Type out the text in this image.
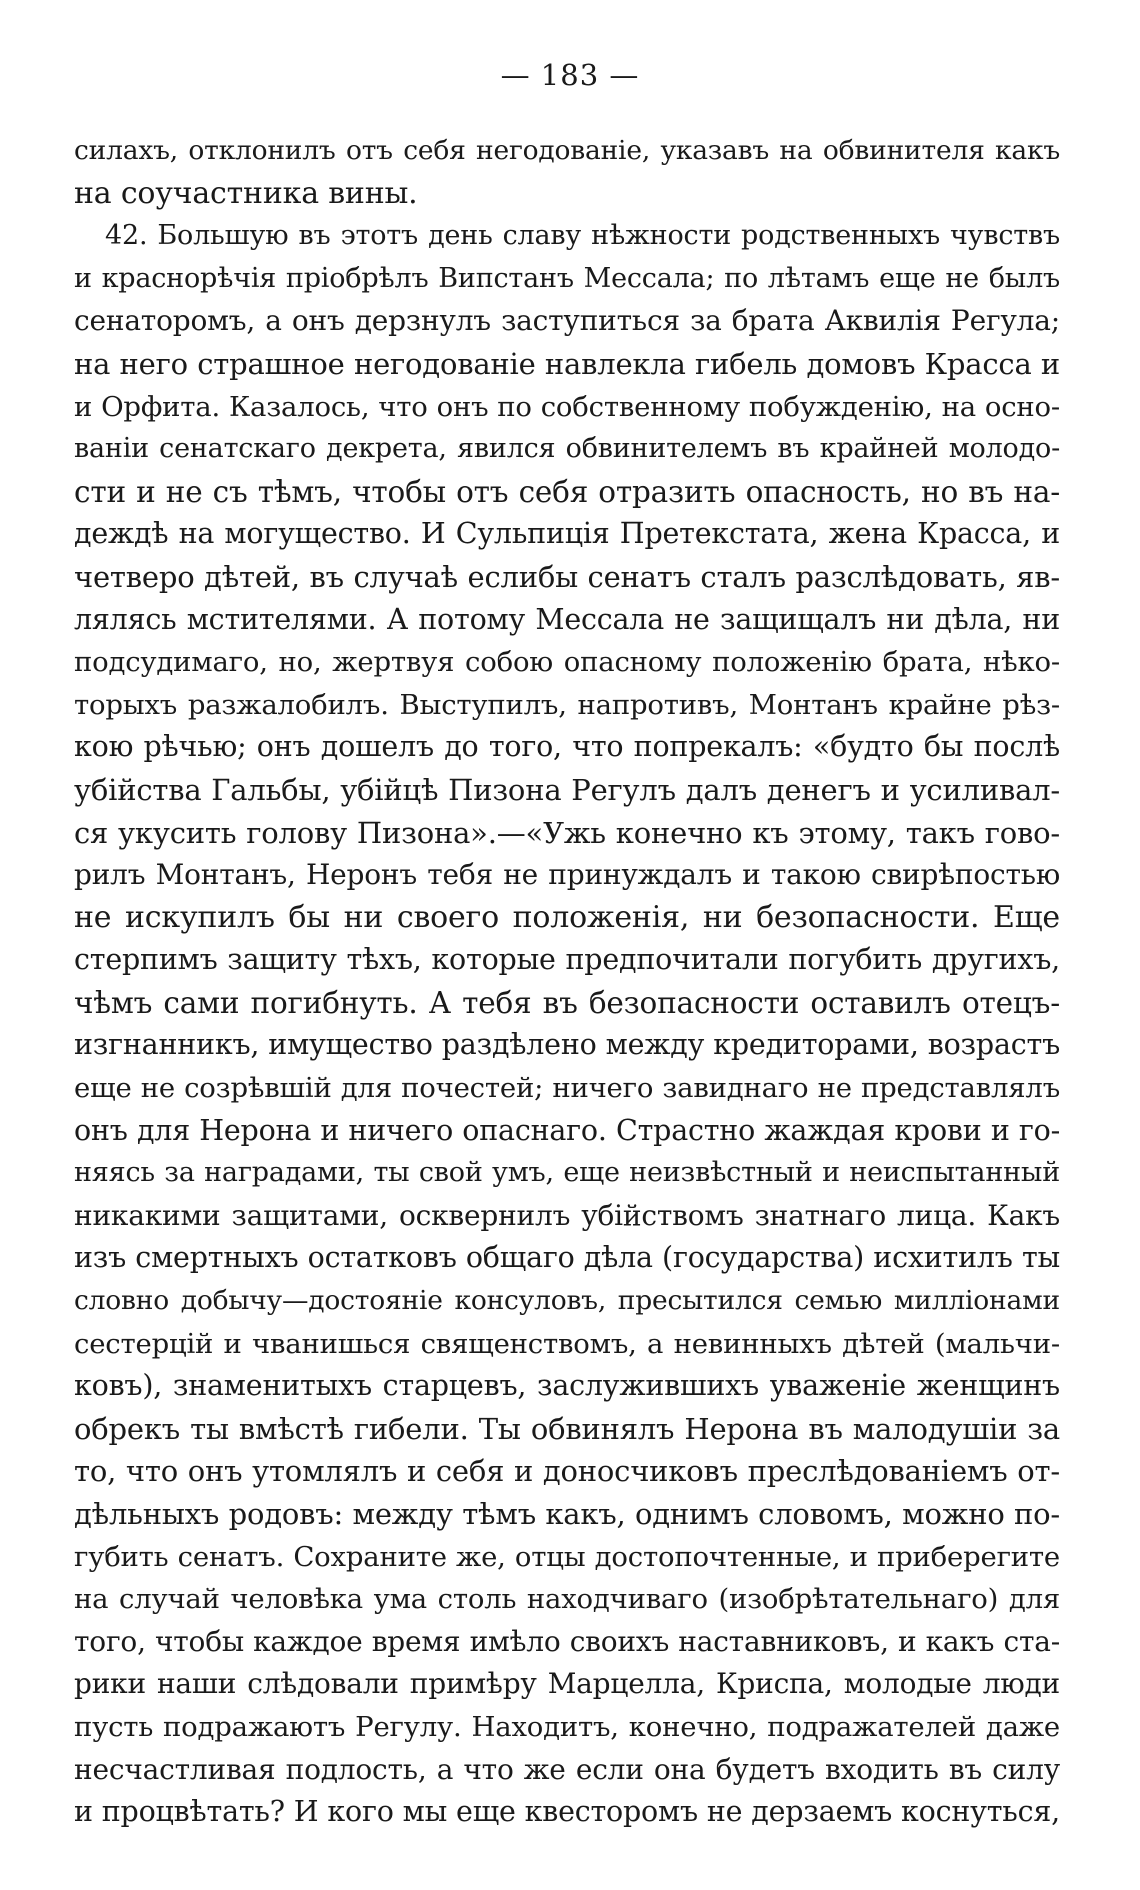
— 183 —
силахъ, отклонилъ отъ себя негодованіе, указавъ на обвинителя какъ
на соучастника вины.
42. Большую въ этотъ день славу нѣжности родственныхъ чувствъ
и краснорѣчія пріобрѣлъ Випстанъ Мессала; по лѣтамъ еще не былъ
сенаторомъ, а онъ дерзнулъ заступиться за брата Аквилія Регула;
на него страшное негодованіе навлекла гибель домовъ Красса и
и Орфита. Казалось, что онъ по собственному побужденію, на осно-
ваніи сенатскаго декрета, явился обвинителемъ въ крайней молодо-
сти и не съ тѣмъ, чтобы отъ себя отразить опасность, но въ на-
деждѣ на могущество. И Сульпиція Претекстата, жена Красса, и
четверо дѣтей, въ случаѣ еслибы сенатъ сталъ разслѣдовать, яв-
лялясь мстителями. А потому Мессала не защищалъ ни дѣла, ни
подсудимаго, но, жертвуя собою опасному положенію брата, нѣко-
торыхъ разжалобилъ. Выступилъ, напротивъ, Монтанъ крайне рѣз-
кою рѣчью; онъ дошелъ до того, что попрекалъ: «будто бы послѣ
убійства Гальбы, убійцѣ Пизона Регулъ далъ денегъ и усиливал-
ся укусить голову Пизона».—«Ужь конечно къ этому, такъ гово-
рилъ Монтанъ, Неронъ тебя не принуждалъ и такою свирѣпостью
не искупилъ бы ни своего положенія, ни безопасности. Еще
стерпимъ защиту тѣхъ, которые предпочитали погубить другихъ,
чѣмъ сами погибнуть. А тебя въ безопасности оставилъ отецъ-
изгнанникъ, имущество раздѣлено между кредиторами, возрастъ
еще не созрѣвшій для почестей; ничего завиднаго не представлялъ
онъ для Нерона и ничего опаснаго. Страстно жаждая крови и го-
няясь за наградами, ты свой умъ, еще неизвѣстный и неиспытанный
никакими защитами, осквернилъ убійствомъ знатнаго лица. Какъ
изъ смертныхъ остатковъ общаго дѣла (государства) исхитилъ ты
словно добычу—достояніе консуловъ, пресытился семью милліонами
сестерцій и чванишься священствомъ, а невинныхъ дѣтей (мальчи-
ковъ), знаменитыхъ старцевъ, заслужившихъ уваженіе женщинъ
обрекъ ты вмѣстѣ гибели. Ты обвинялъ Нерона въ малодушіи за
то, что онъ утомлялъ и себя и доносчиковъ преслѣдованіемъ от-
дѣльныхъ родовъ: между тѣмъ какъ, однимъ словомъ, можно по-
губить сенатъ. Сохраните же, отцы достопочтенные, и приберегите
на случай человѣка ума столь находчиваго (изобрѣтательнаго) для
того, чтобы каждое время имѣло своихъ наставниковъ, и какъ ста-
рики наши слѣдовали примѣру Марцелла, Криспа, молодые люди
пусть подражаютъ Регулу. Находитъ, конечно, подражателей даже
несчастливая подлость, а что же если она будетъ входить въ силу
и процвѣтать? И кого мы еще квесторомъ не дерзаемъ коснуться,
